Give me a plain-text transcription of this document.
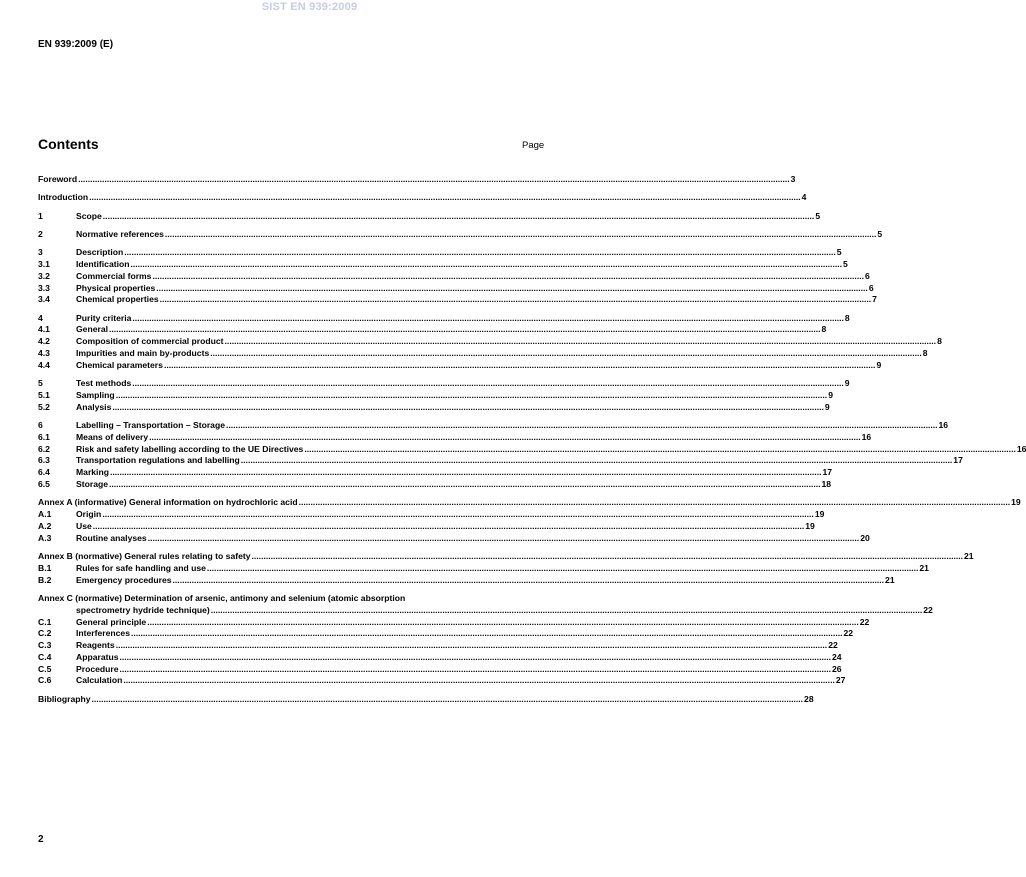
SIST EN 939:2009
EN 939:2009 (E)
Contents	Page
Foreword .....	3
Introduction .....	4
1	Scope .....	5
2	Normative references .....	5
3	Description .....	5
3.1	Identification .....	5
3.2	Commercial forms .....	6
3.3	Physical properties .....	6
3.4	Chemical properties .....	7
4	Purity criteria .....	8
4.1	General .....	8
4.2	Composition of commercial product .....	8
4.3	Impurities and main by-products .....	8
4.4	Chemical parameters .....	9
5	Test methods .....	9
5.1	Sampling .....	9
5.2	Analysis .....	9
6	Labelling – Transportation – Storage .....	16
6.1	Means of delivery .....	16
6.2	Risk and safety labelling according to the UE Directives .....	16
6.3	Transportation regulations and labelling .....	17
6.4	Marking .....	17
6.5	Storage .....	18
Annex A (informative) General information on hydrochloric acid .....	19
A.1	Origin .....	19
A.2	Use .....	19
A.3	Routine analyses .....	20
Annex B (normative) General rules relating to safety .....	21
B.1	Rules for safe handling and use .....	21
B.2	Emergency procedures .....	21
Annex C (normative) Determination of arsenic, antimony and selenium (atomic absorption
spectrometry hydride technique) .....	22
C.1	General principle .....	22
C.2	Interferences .....	22
C.3	Reagents .....	22
C.4	Apparatus .....	24
C.5	Procedure .....	26
C.6	Calculation .....	27
Bibliography .....	28
2
